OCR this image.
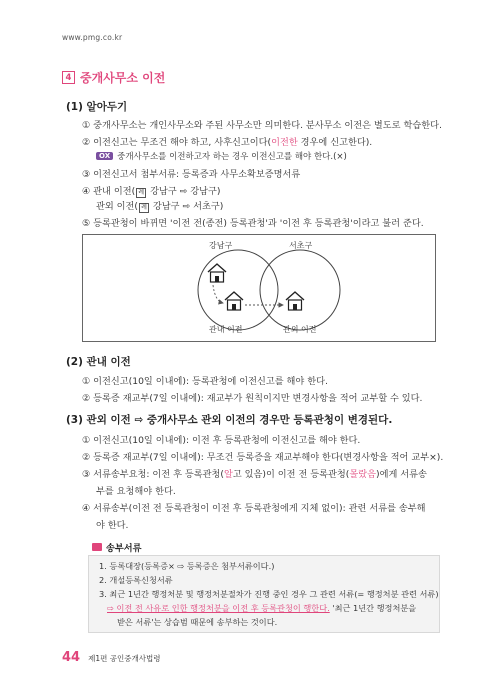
www.pmg.co.kr
4 중개사무소 이전
(1) 알아두기
① 중개사무소는 개인사무소와 주된 사무소만 의미한다. 분사무소 이전은 별도로 학습한다.
② 이전신고는 무조건 해야 하고, 사후신고이다(이전한 경우에 신고한다).
OX 중개사무소를 이전하고자 하는 경우 이전신고를 해야 한다.(×)
③ 이전신고서 첨부서류: 등록증과 사무소확보증명서류
④ 관내 이전( 례 강남구 ⇨ 강남구)
관외 이전( 례 강남구 ⇨ 서초구)
⑤ 등록관청이 바뀌면 '이전 전(종전) 등록관청'과 '이전 후 등록관청'이라고 불러 준다.
강남구	서초구
관내 이전	관외 이전
(2) 관내 이전
① 이전신고(10일 이내에): 등록관청에 이전신고를 해야 한다.
② 등록증 재교부(7일 이내에): 재교부가 원칙이지만 변경사항을 적어 교부할 수 있다.
(3) 관외 이전 ⇨ 중개사무소 관외 이전의 경우만 등록관청이 변경된다.
① 이전신고(10일 이내에): 이전 후 등록관청에 이전신고를 해야 한다.
② 등록증 재교부(7일 이내에): 무조건 등록증을 재교부해야 한다(변경사항을 적어 교부×).
③ 서류송부요청: 이전 후 등록관청(알고 있음)이 이전 전 등록관청(몰랐음)에게 서류송
부를 요청해야 한다.
④ 서류송부(이전 전 등록관청이 이전 후 등록관청에게 지체 없이): 관련 서류를 송부해
야 한다.
송부서류
1. 등록대장(등록증× ⇨ 등록증은 첨부서류이다.)
2. 개설등록신청서류
3. 최근 1년간 행정처분 및 행정처분절차가 진행 중인 경우 그 관련 서류(= 행정처분 관련 서류)
⇨ 이전 전 사유로 인한 행정처분을 이전 후 등록관청이 행한다. '최근 1년간 행정처분을
받은 서류'는 상습범 때문에 송부하는 것이다.
44 제1편 공인중개사법령
